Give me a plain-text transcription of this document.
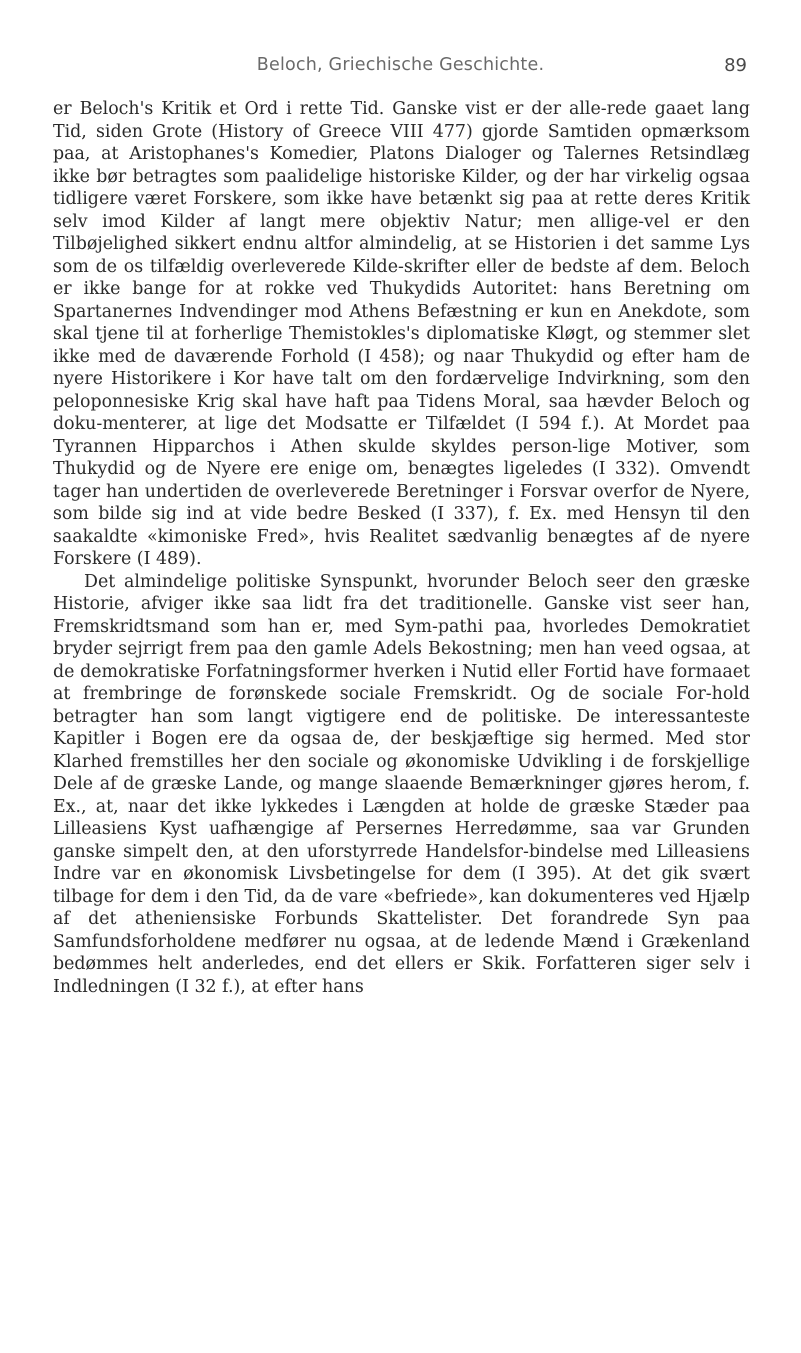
Beloch, Griechische Geschichte.	89

er Beloch's Kritik et Ord i rette Tid. Ganske vist er der alle-rede gaaet lang Tid, siden Grote (History of Greece VIII 477) gjorde Samtiden opmærksom paa, at Aristophanes's Komedier, Platons Dialoger og Talernes Retsindlæg ikke bør betragtes som paalidelige historiske Kilder, og der har virkelig ogsaa tidligere været Forskere, som ikke have betænkt sig paa at rette deres Kritik selv imod Kilder af langt mere objektiv Natur; men allige-vel er den Tilbøjelighed sikkert endnu altfor almindelig, at se Historien i det samme Lys som de os tilfældig overleverede Kilde-skrifter eller de bedste af dem. Beloch er ikke bange for at rokke ved Thukydids Autoritet: hans Beretning om Spartanernes Indvendinger mod Athens Befæstning er kun en Anekdote, som skal tjene til at forherlige Themistokles's diplomatiske Kløgt, og stemmer slet ikke med de daværende Forhold (I 458); og naar Thukydid og efter ham de nyere Historikere i Kor have talt om den fordærvelige Indvirkning, som den peloponnesiske Krig skal have haft paa Tidens Moral, saa hævder Beloch og doku-menterer, at lige det Modsatte er Tilfældet (I 594 f.). At Mordet paa Tyrannen Hipparchos i Athen skulde skyldes person-lige Motiver, som Thukydid og de Nyere ere enige om, benægtes ligeledes (I 332). Omvendt tager han undertiden de overleverede Beretninger i Forsvar overfor de Nyere, som bilde sig ind at vide bedre Besked (I 337), f. Ex. med Hensyn til den saakaldte «kimoniske Fred», hvis Realitet sædvanlig benægtes af de nyere Forskere (I 489).

Det almindelige politiske Synspunkt, hvorunder Beloch seer den græske Historie, afviger ikke saa lidt fra det traditionelle. Ganske vist seer han, Fremskridtsmand som han er, med Sym-pathi paa, hvorledes Demokratiet bryder sejrrigt frem paa den gamle Adels Bekostning; men han veed ogsaa, at de demokratiske Forfatningsformer hverken i Nutid eller Fortid have formaaet at frembringe de forønskede sociale Fremskridt. Og de sociale For-hold betragter han som langt vigtigere end de politiske. De interessanteste Kapitler i Bogen ere da ogsaa de, der beskjæftige sig hermed. Med stor Klarhed fremstilles her den sociale og økonomiske Udvikling i de forskjellige Dele af de græske Lande, og mange slaaende Bemærkninger gjøres herom, f. Ex., at, naar det ikke lykkedes i Længden at holde de græske Stæder paa Lilleasiens Kyst uafhængige af Persernes Herredømme, saa var Grunden ganske simpelt den, at den uforstyrrede Handelsfor-bindelse med Lilleasiens Indre var en økonomisk Livsbetingelse for dem (I 395). At det gik svært tilbage for dem i den Tid, da de vare «befriede», kan dokumenteres ved Hjælp af det atheniensiske Forbunds Skattelister. Det forandrede Syn paa Samfundsforholdene medfører nu ogsaa, at de ledende Mænd i Grækenland bedømmes helt anderledes, end det ellers er Skik. Forfatteren siger selv i Indledningen (I 32 f.), at efter hans
